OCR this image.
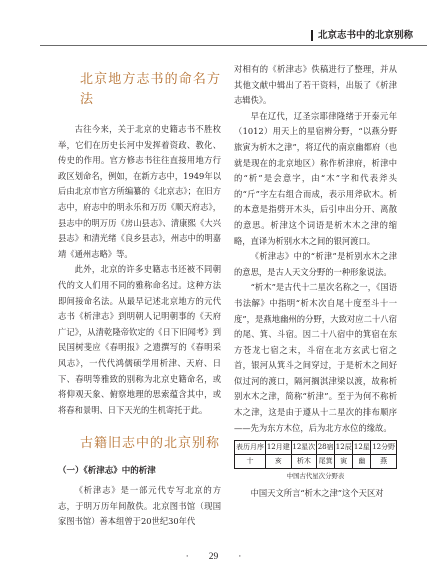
北京志书中的北京别称
北京地方志书的命名方法

古往今来，关于北京的史籍志书不胜枚举，它们在历史长河中发挥着资政、教化、传史的作用。官方修志书往往直接用地方行政区划命名，例如，在新方志中，1949年以后由北京市官方所编纂的《北京志》；在旧方志中，府志中的明永乐和万历《顺天府志》，县志中的明万历《房山县志》、清康熙《大兴县志》和清光绪《良乡县志》，州志中的明嘉靖《通州志略》等。

此外，北京的许多史籍志书还被不同朝代的文人们用不同的雅称命名过。这种方法即间接命名法。从最早记述北京地方的元代志书《析津志》到明朝人记明朝事的《天府广记》，从清乾隆帝钦定的《日下旧闻考》到民国树斐应《春明报》之遗撰写的《春明采风志》，一代代鸿儒硕学用析津、天府、日下、春明等雅致的别称为北京史籍命名，或将仰观天象、俯察地理的思索蕴含其中，或将春和景明、日下天光的生机寄托于此。

古籍旧志中的北京别称
（一）《析津志》中的析津

《析津志》是一部元代专写北京的方志，于明万历年间散佚。北京图书馆（现国家图书馆）善本组曾于20世纪30年代

对相有的《析津志》佚稿进行了整理，并从其他文献中辑出了若干资料，出版了《析津志辑佚》。

早在辽代，辽圣宗耶律隆绪于开泰元年（1012）用天上的星宿辨分野，“以燕分野旅寅为析木之津”，将辽代的南京幽都府（也就是现在的北京地区）称作析津府，析津中的“析”是会意字，由“木”字和代表斧头的“斤”字左右组合而成，表示用斧砍木。析的本意是指劈开木头，后引申出分开、离散的意思。析津这个词语是析木木之津的缩略，直译为析别水木之间的银河渡口。

《析津志》中的“析津”是析别水木之津的意思，是古人天文分野的一种形象说法。

“析木”是古代十二星次名称之一，《国语书法解》中指明“析木次自尾十度至斗十一度”，是燕地幽州的分野，大致对应二十八宿的尾、箕、斗宿。因二十八宿中的箕宿在东方苍龙七宿之末，斗宿在北方玄武七宿之首，银河从箕斗之间穿过，于是析木之间好似过河的渡口，隔河搁淇津梁以渡，故称析别水木之津，简称“析津”。至于为何不称析木之津，这是由于遵从十二星次的排布顺序——先为东方木位，后为北方水位的缘故。

表历月序	12月建	12星次	28宿	12辰	12星	12分野
十	亥	析木	尾箕	寅	幽	燕
中国古代星次分野表

中国天文所言“析木之津”这个天区对

· 29 ·
